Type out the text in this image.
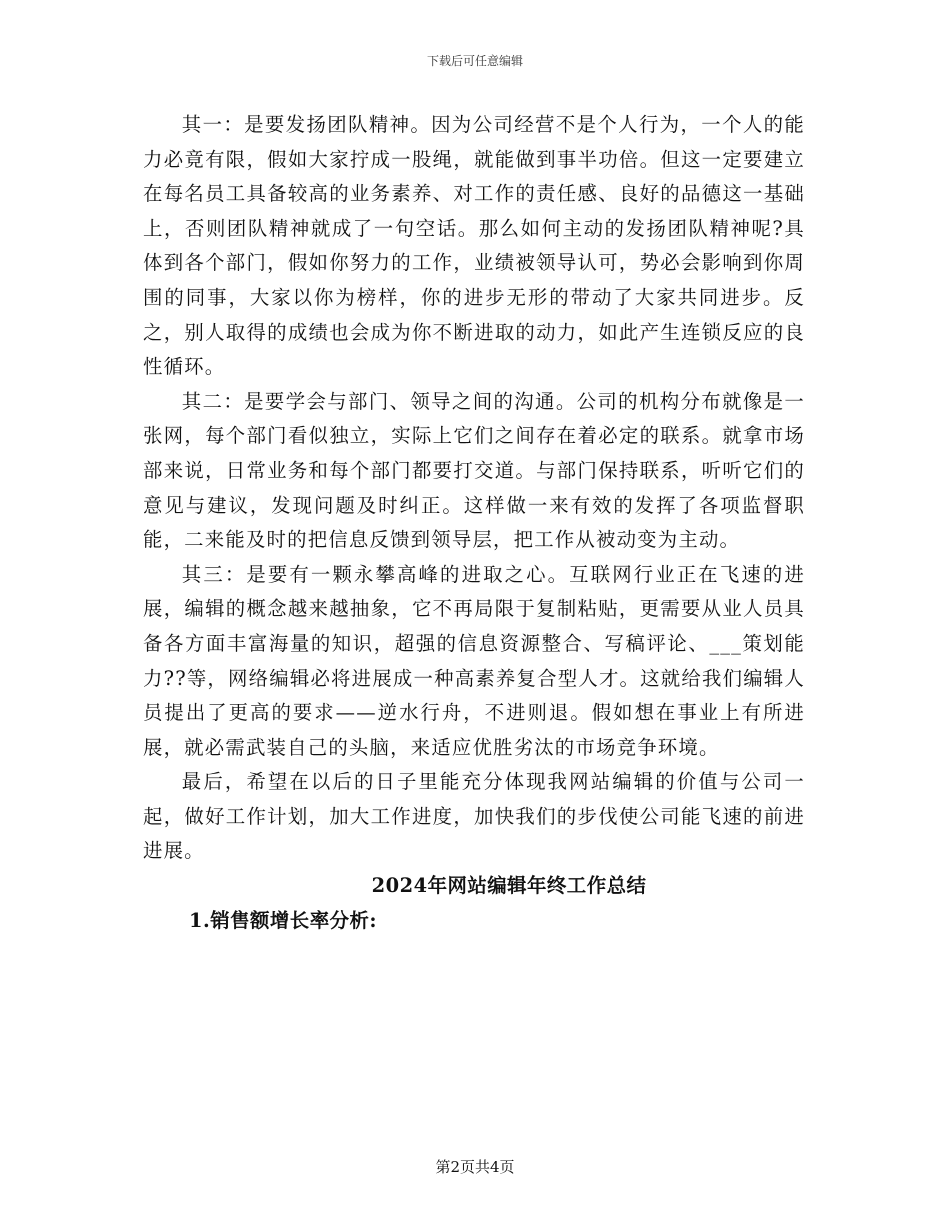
下载后可任意编辑

其一：是要发扬团队精神。因为公司经营不是个人行为，一个人的能力必竟有限，假如大家拧成一股绳，就能做到事半功倍。但这一定要建立在每名员工具备较高的业务素养、对工作的责任感、良好的品德这一基础上，否则团队精神就成了一句空话。那么如何主动的发扬团队精神呢?具体到各个部门，假如你努力的工作，业绩被领导认可，势必会影响到你周围的同事，大家以你为榜样，你的进步无形的带动了大家共同进步。反之，别人取得的成绩也会成为你不断进取的动力，如此产生连锁反应的良性循环。

其二：是要学会与部门、领导之间的沟通。公司的机构分布就像是一张网，每个部门看似独立，实际上它们之间存在着必定的联系。就拿市场部来说，日常业务和每个部门都要打交道。与部门保持联系，听听它们的意见与建议，发现问题及时纠正。这样做一来有效的发挥了各项监督职能，二来能及时的把信息反馈到领导层，把工作从被动变为主动。

其三：是要有一颗永攀高峰的进取之心。互联网行业正在飞速的进展，编辑的概念越来越抽象，它不再局限于复制粘贴，更需要从业人员具备各方面丰富海量的知识，超强的信息资源整合、写稿评论、___策划能力??等，网络编辑必将进展成一种高素养复合型人才。这就给我们编辑人员提出了更高的要求——逆水行舟，不进则退。假如想在事业上有所进展，就必需武装自己的头脑，来适应优胜劣汰的市场竞争环境。

最后，希望在以后的日子里能充分体现我网站编辑的价值与公司一起，做好工作计划，加大工作进度，加快我们的步伐使公司能飞速的前进进展。

2024年网站编辑年终工作总结

1.销售额增长率分析:

第2页共4页
